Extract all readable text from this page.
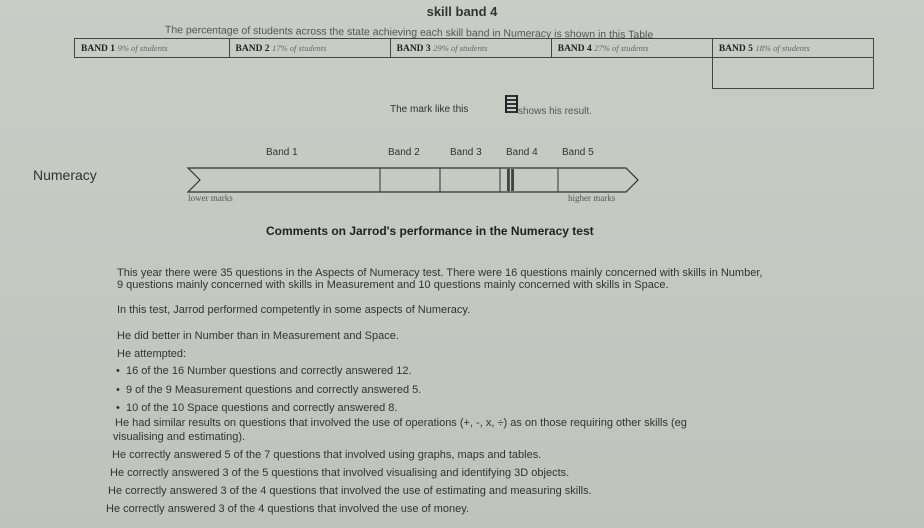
skill band 4
The percentage of students across the state achieving each skill band in Numeracy is shown in this Table
BAND 1 9% of students	BAND 2 17% of students	BAND 3 29% of students	BAND 4 27% of students	BAND 5 18% of students

The mark like this	shows his result.
Band 1	Band 2	Band 3 Band 4 Band 5
Numeracy
lower marks	higher marks
Comments on Jarrod's performance in the Numeracy test
This year there were 35 questions in the Aspects of Numeracy test. There were 16 questions mainly concerned with skills in Number,
9 questions mainly concerned with skills in Measurement and 10 questions mainly concerned with skills in Space.
In this test, Jarrod performed competently in some aspects of Numeracy.
He did better in Number than in Measurement and Space.
He attempted:
•  16 of the 16 Number questions and correctly answered 12.
•  9 of the 9 Measurement questions and correctly answered 5.
•  10 of the 10 Space questions and correctly answered 8.
He had similar results on questions that involved the use of operations (+, -, x, ÷) as on those requiring other skills (eg
visualising and estimating).
He correctly answered 5 of the 7 questions that involved using graphs, maps and tables.
He correctly answered 3 of the 5 questions that involved visualising and identifying 3D objects.
He correctly answered 3 of the 4 questions that involved the use of estimating and measuring skills.
He correctly answered 3 of the 4 questions that involved the use of money.
